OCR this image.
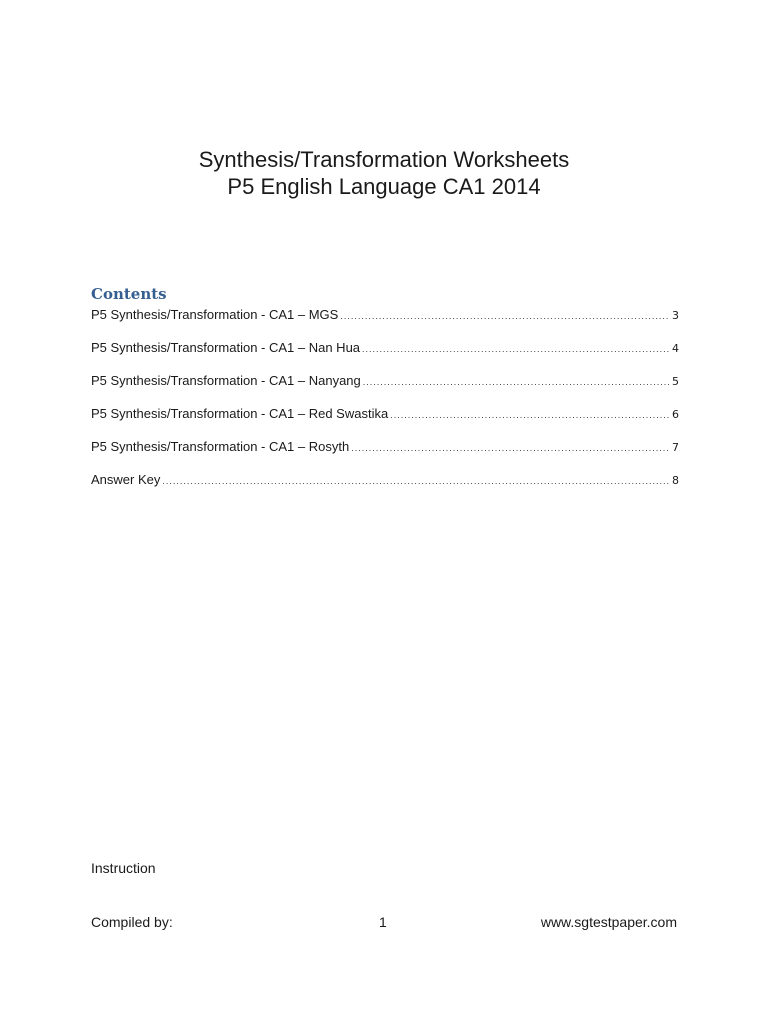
Synthesis/Transformation Worksheets
P5 English Language CA1 2014
Contents
P5 Synthesis/Transformation - CA1 – MGS .....	3
P5 Synthesis/Transformation - CA1 – Nan Hua .....	4
P5 Synthesis/Transformation - CA1 – Nanyang .....	5
P5 Synthesis/Transformation - CA1 – Red Swastika .....	6
P5 Synthesis/Transformation - CA1 – Rosyth .....	7
Answer Key .....	8
Instruction
Compiled by:	1	www.sgtestpaper.com
